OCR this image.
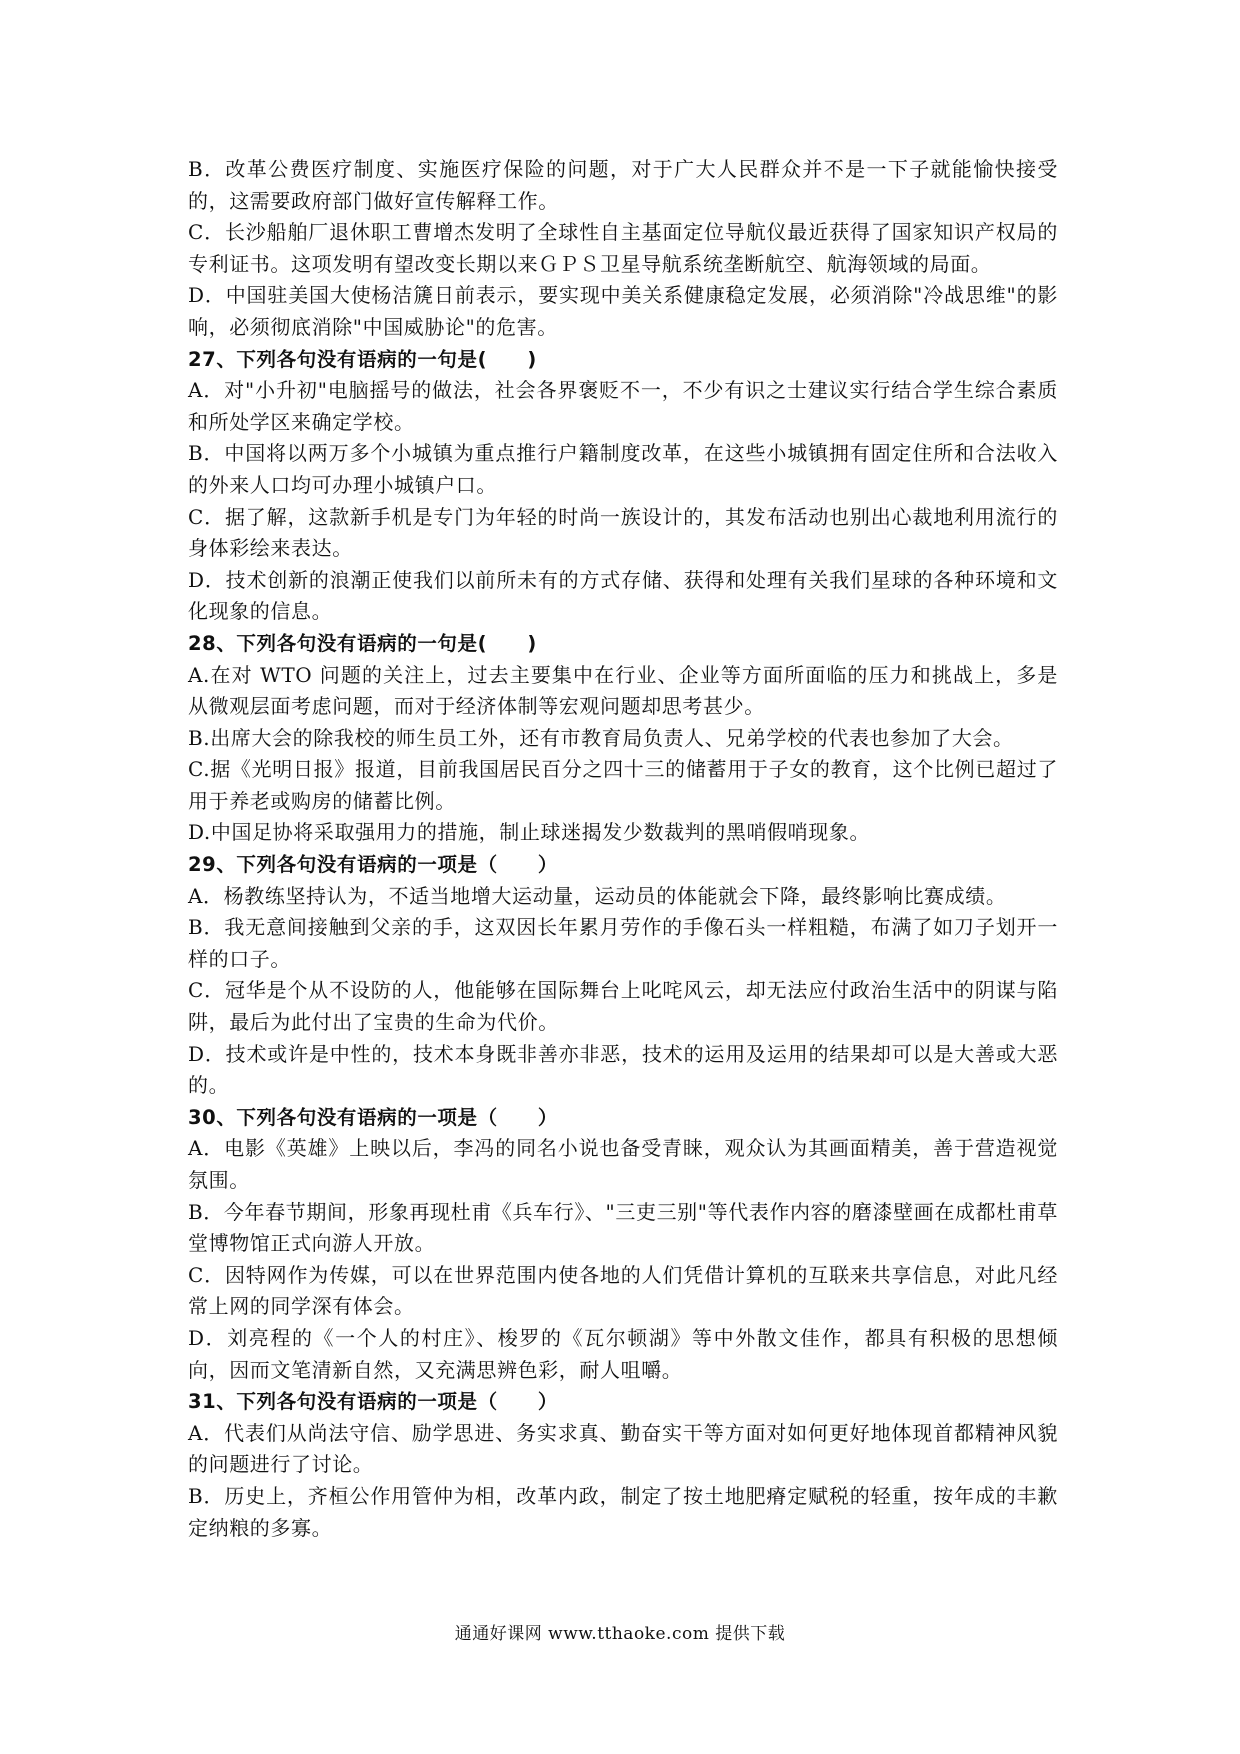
B．改革公费医疗制度、实施医疗保险的问题，对于广大人民群众并不是一下子就能愉快接受的，这需要政府部门做好宣传解释工作。

C．长沙船舶厂退休职工曹增杰发明了全球性自主基面定位导航仪最近获得了国家知识产权局的专利证书。这项发明有望改变长期以来ＧＰＳ卫星导航系统垄断航空、航海领域的局面。

D．中国驻美国大使杨洁篪日前表示，要实现中美关系健康稳定发展，必须消除"冷战思维"的影响，必须彻底消除"中国威胁论"的危害。

27、下列各句没有语病的一句是(　　)

A．对"小升初"电脑摇号的做法，社会各界褒贬不一，不少有识之士建议实行结合学生综合素质和所处学区来确定学校。

B．中国将以两万多个小城镇为重点推行户籍制度改革，在这些小城镇拥有固定住所和合法收入的外来人口均可办理小城镇户口。

C．据了解，这款新手机是专门为年轻的时尚一族设计的，其发布活动也别出心裁地利用流行的身体彩绘来表达。

D．技术创新的浪潮正使我们以前所未有的方式存储、获得和处理有关我们星球的各种环境和文化现象的信息。

28、下列各句没有语病的一句是(　　)

A.在对 WTO 问题的关注上，过去主要集中在行业、企业等方面所面临的压力和挑战上，多是从微观层面考虑问题，而对于经济体制等宏观问题却思考甚少。

B.出席大会的除我校的师生员工外，还有市教育局负责人、兄弟学校的代表也参加了大会。

C.据《光明日报》报道，目前我国居民百分之四十三的储蓄用于子女的教育，这个比例已超过了用于养老或购房的储蓄比例。

D.中国足协将采取强用力的措施，制止球迷揭发少数裁判的黑哨假哨现象。

29、下列各句没有语病的一项是（　　）

A．杨教练坚持认为，不适当地增大运动量，运动员的体能就会下降，最终影响比赛成绩。

B．我无意间接触到父亲的手，这双因长年累月劳作的手像石头一样粗糙，布满了如刀子划开一样的口子。

C．冠华是个从不设防的人，他能够在国际舞台上叱咤风云，却无法应付政治生活中的阴谋与陷阱，最后为此付出了宝贵的生命为代价。

D．技术或许是中性的，技术本身既非善亦非恶，技术的运用及运用的结果却可以是大善或大恶的。

30、下列各句没有语病的一项是（　　）

A．电影《英雄》上映以后，李冯的同名小说也备受青睐，观众认为其画面精美，善于营造视觉氛围。

B．今年春节期间，形象再现杜甫《兵车行》、"三吏三别"等代表作内容的磨漆壁画在成都杜甫草堂博物馆正式向游人开放。

C．因特网作为传媒，可以在世界范围内使各地的人们凭借计算机的互联来共享信息，对此凡经常上网的同学深有体会。

D．刘亮程的《一个人的村庄》、梭罗的《瓦尔顿湖》等中外散文佳作，都具有积极的思想倾向，因而文笔清新自然，又充满思辨色彩，耐人咀嚼。

31、下列各句没有语病的一项是（　　）

A．代表们从尚法守信、励学思进、务实求真、勤奋实干等方面对如何更好地体现首都精神风貌的问题进行了讨论。

B．历史上，齐桓公作用管仲为相，改革内政，制定了按土地肥瘠定赋税的轻重，按年成的丰歉定纳粮的多寡。

通通好课网 www.tthaoke.com 提供下载
